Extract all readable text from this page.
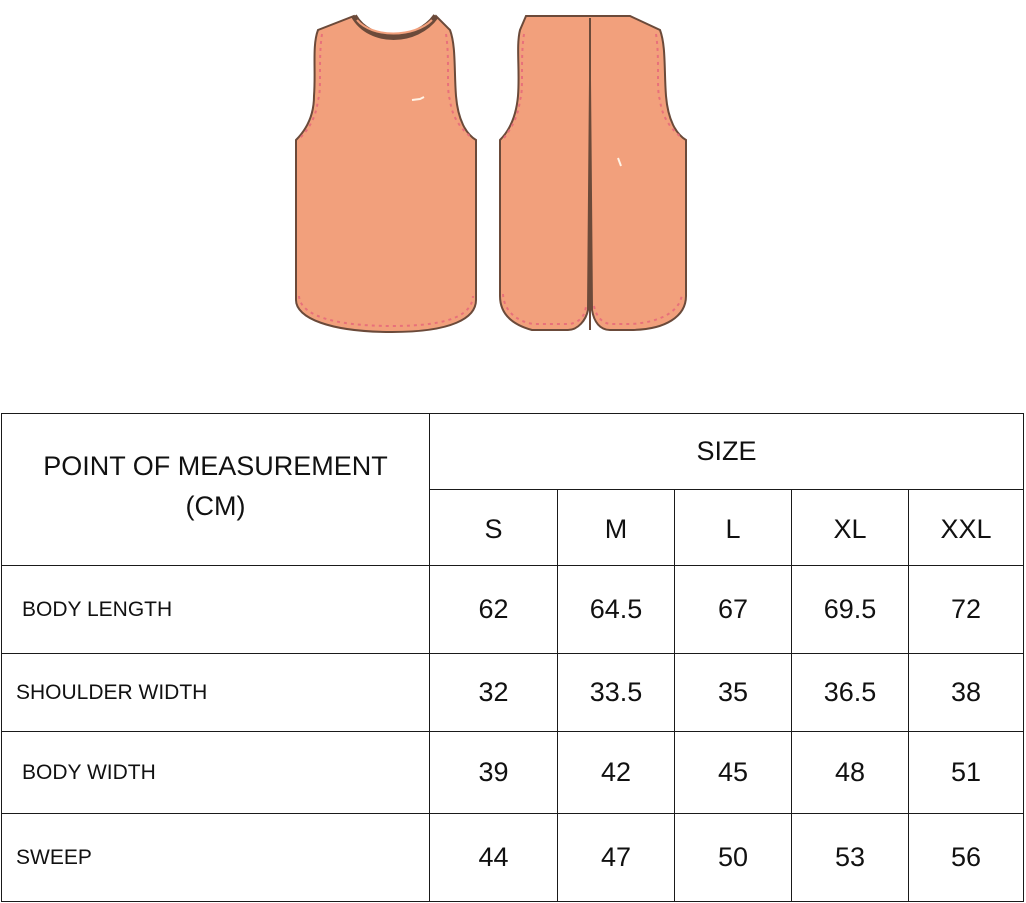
POINT OF MEASUREMENT
(CM)	SIZE				
	S	M	L	XL	XXL
BODY LENGTH	62	64.5	67	69.5	72
SHOULDER WIDTH	32	33.5	35	36.5	38
BODY WIDTH	39	42	45	48	51
SWEEP	44	47	50	53	56
